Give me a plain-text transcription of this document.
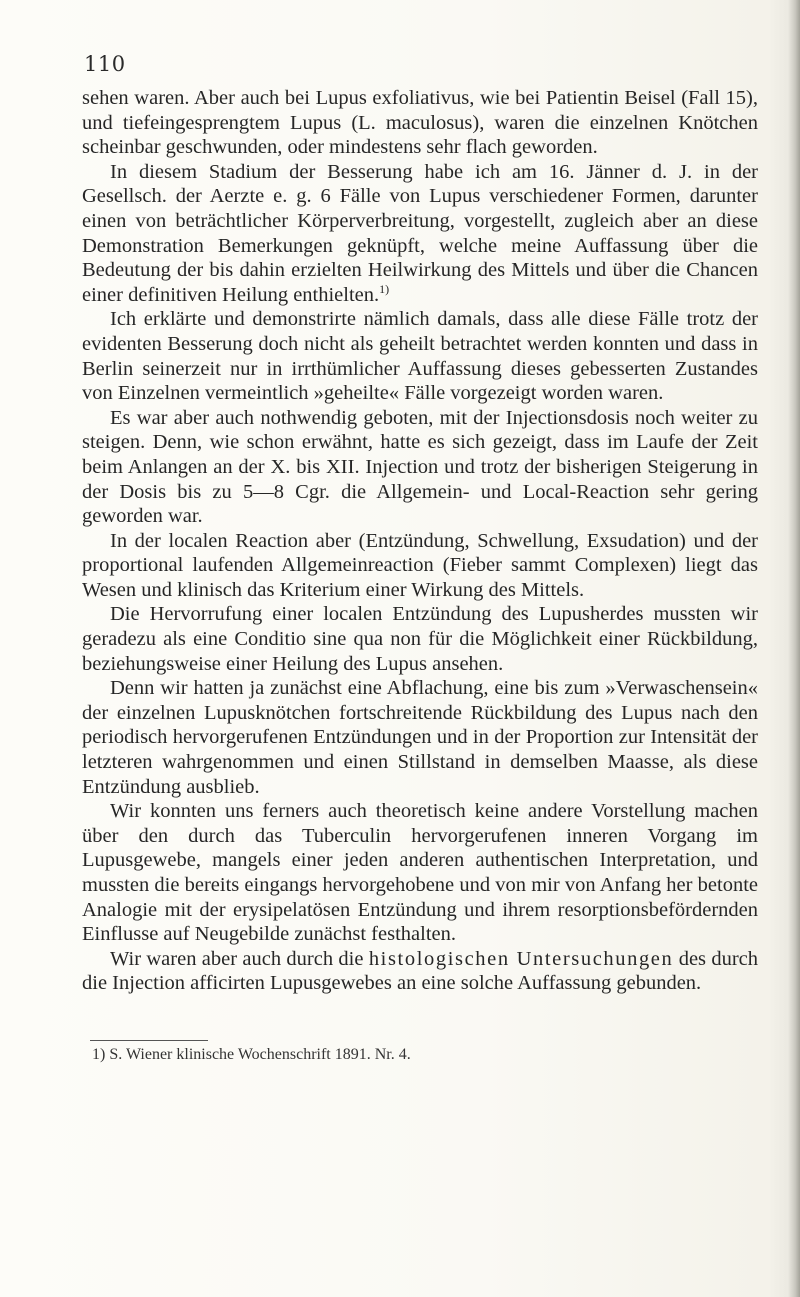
110

sehen waren. Aber auch bei Lupus exfoliativus, wie bei Patientin Beisel (Fall 15), und tiefeingesprengtem Lupus (L. maculosus), waren die einzelnen Knötchen scheinbar geschwunden, oder mindestens sehr flach geworden.

In diesem Stadium der Besserung habe ich am 16. Jänner d. J. in der Gesellsch. der Aerzte e. g. 6 Fälle von Lupus verschiedener Formen, darunter einen von beträchtlicher Körperverbreitung, vorgestellt, zugleich aber an diese Demonstration Bemerkungen geknüpft, welche meine Auffassung über die Bedeutung der bis dahin erzielten Heilwirkung des Mittels und über die Chancen einer definitiven Heilung enthielten.$^{1)}$

Ich erklärte und demonstrirte nämlich damals, dass alle diese Fälle trotz der evidenten Besserung doch nicht als geheilt betrachtet werden konnten und dass in Berlin seinerzeit nur in irrthümlicher Auffassung dieses gebesserten Zustandes von Einzelnen vermeintlich »geheilte« Fälle vorgezeigt worden waren.

Es war aber auch nothwendig geboten, mit der Injectionsdosis noch weiter zu steigen. Denn, wie schon erwähnt, hatte es sich gezeigt, dass im Laufe der Zeit beim Anlangen an der X. bis XII. Injection und trotz der bisherigen Steigerung in der Dosis bis zu 5—8 Cgr. die Allgemein- und Local-Reaction sehr gering geworden war.

In der localen Reaction aber (Entzündung, Schwellung, Exsudation) und der proportional laufenden Allgemeinreaction (Fieber sammt Complexen) liegt das Wesen und klinisch das Kriterium einer Wirkung des Mittels.

Die Hervorrufung einer localen Entzündung des Lupusherdes mussten wir geradezu als eine Conditio sine qua non für die Möglichkeit einer Rückbildung, beziehungsweise einer Heilung des Lupus ansehen.

Denn wir hatten ja zunächst eine Abflachung, eine bis zum »Verwaschensein« der einzelnen Lupusknötchen fortschreitende Rückbildung des Lupus nach den periodisch hervorgerufenen Entzündungen und in der Proportion zur Intensität der letzteren wahrgenommen und einen Stillstand in demselben Maasse, als diese Entzündung ausblieb.

Wir konnten uns ferners auch theoretisch keine andere Vorstellung machen über den durch das Tuberculin hervorgerufenen inneren Vorgang im Lupusgewebe, mangels einer jeden anderen authentischen Interpretation, und mussten die bereits eingangs hervorgehobene und von mir von Anfang her betonte Analogie mit der erysipelatösen Entzündung und ihrem resorptionsbefördernden Einflusse auf Neugebilde zunächst festhalten.

Wir waren aber auch durch die histologischen Untersuchungen des durch die Injection afficirten Lupusgewebes an eine solche Auffassung gebunden.

1) S. Wiener klinische Wochenschrift 1891. Nr. 4.
